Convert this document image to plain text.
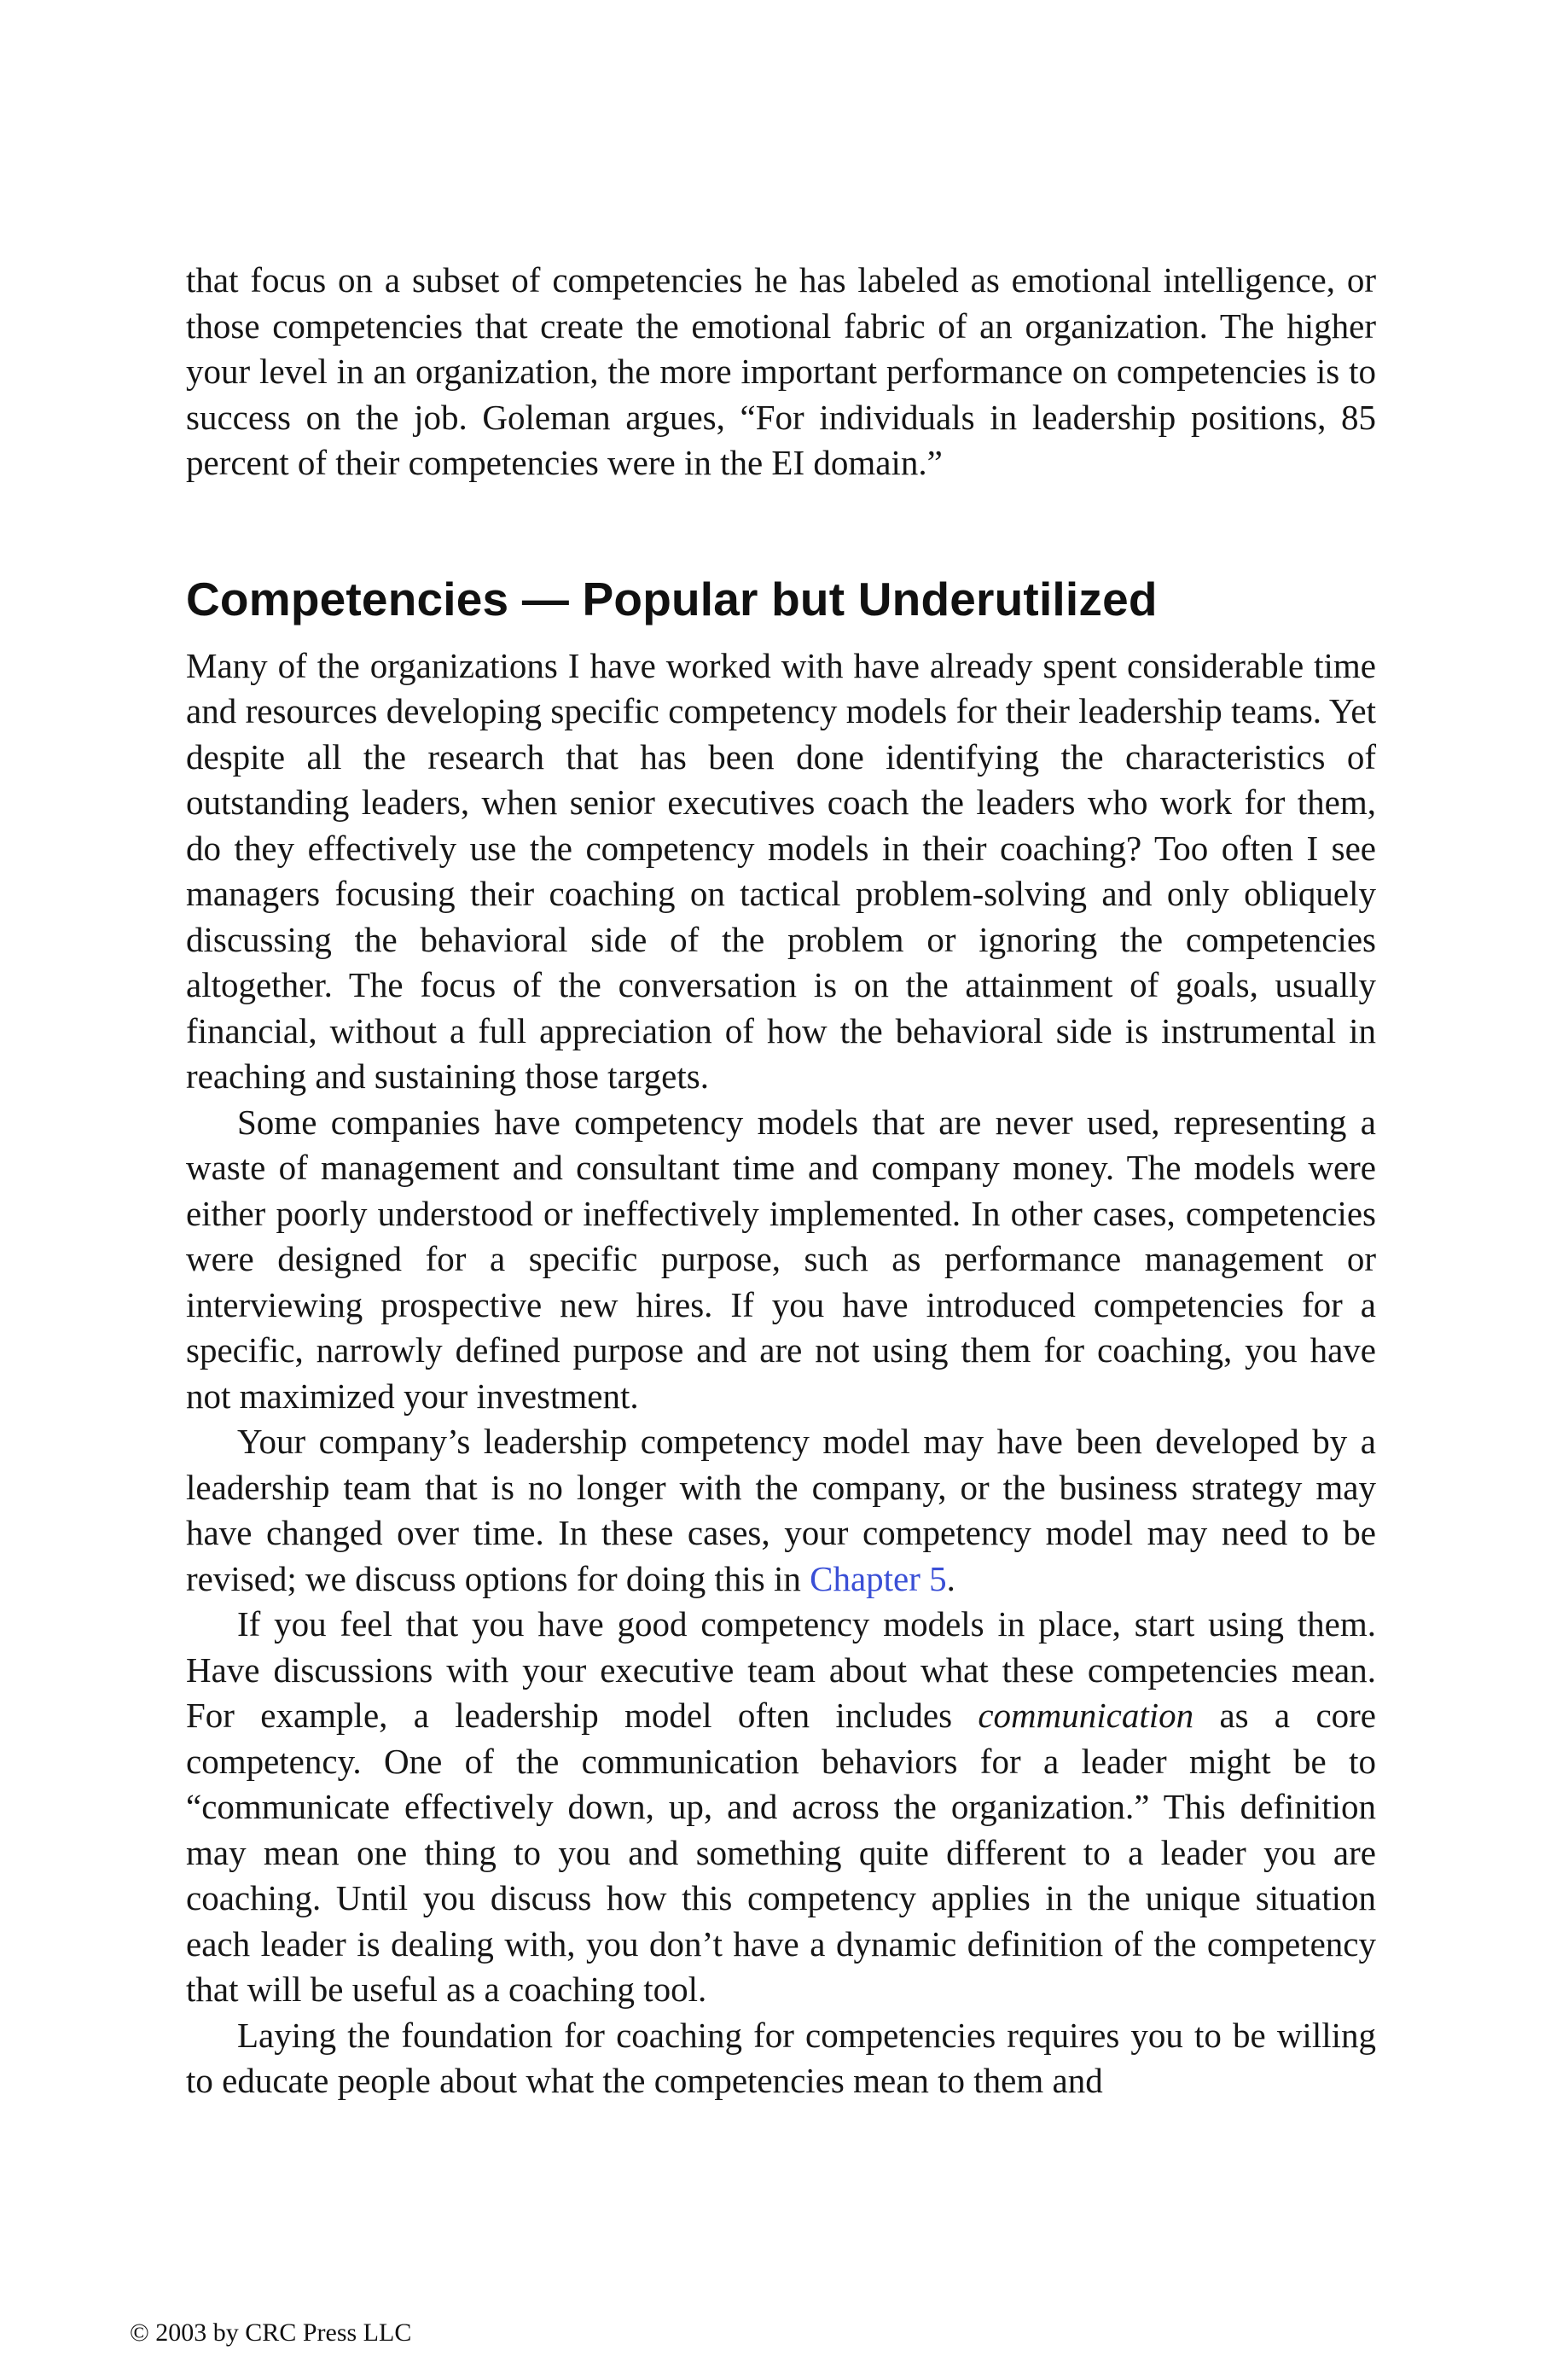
that focus on a subset of competencies he has labeled as emotional intelligence, or those competencies that create the emotional fabric of an organization. The higher your level in an organization, the more important performance on competencies is to success on the job. Goleman argues, “For individuals in leadership positions, 85 percent of their competencies were in the EI domain.”

Competencies — Popular but Underutilized

Many of the organizations I have worked with have already spent considerable time and resources developing specific competency models for their leadership teams. Yet despite all the research that has been done identifying the characteristics of outstanding leaders, when senior executives coach the leaders who work for them, do they effectively use the competency models in their coaching? Too often I see managers focusing their coaching on tactical problem-solving and only obliquely discussing the behavioral side of the problem or ignoring the competencies altogether. The focus of the conversation is on the attainment of goals, usually financial, without a full appreciation of how the behavioral side is instrumental in reaching and sustaining those targets.

Some companies have competency models that are never used, representing a waste of management and consultant time and company money. The models were either poorly understood or ineffectively implemented. In other cases, competencies were designed for a specific purpose, such as performance management or interviewing prospective new hires. If you have introduced competencies for a specific, narrowly defined purpose and are not using them for coaching, you have not maximized your investment.

Your company’s leadership competency model may have been developed by a leadership team that is no longer with the company, or the business strategy may have changed over time. In these cases, your competency model may need to be revised; we discuss options for doing this in Chapter 5.

If you feel that you have good competency models in place, start using them. Have discussions with your executive team about what these competencies mean. For example, a leadership model often includes communication as a core competency. One of the communication behaviors for a leader might be to “communicate effectively down, up, and across the organization.” This definition may mean one thing to you and something quite different to a leader you are coaching. Until you discuss how this competency applies in the unique situation each leader is dealing with, you don’t have a dynamic definition of the competency that will be useful as a coaching tool.

Laying the foundation for coaching for competencies requires you to be willing to educate people about what the competencies mean to them and

© 2003 by CRC Press LLC
